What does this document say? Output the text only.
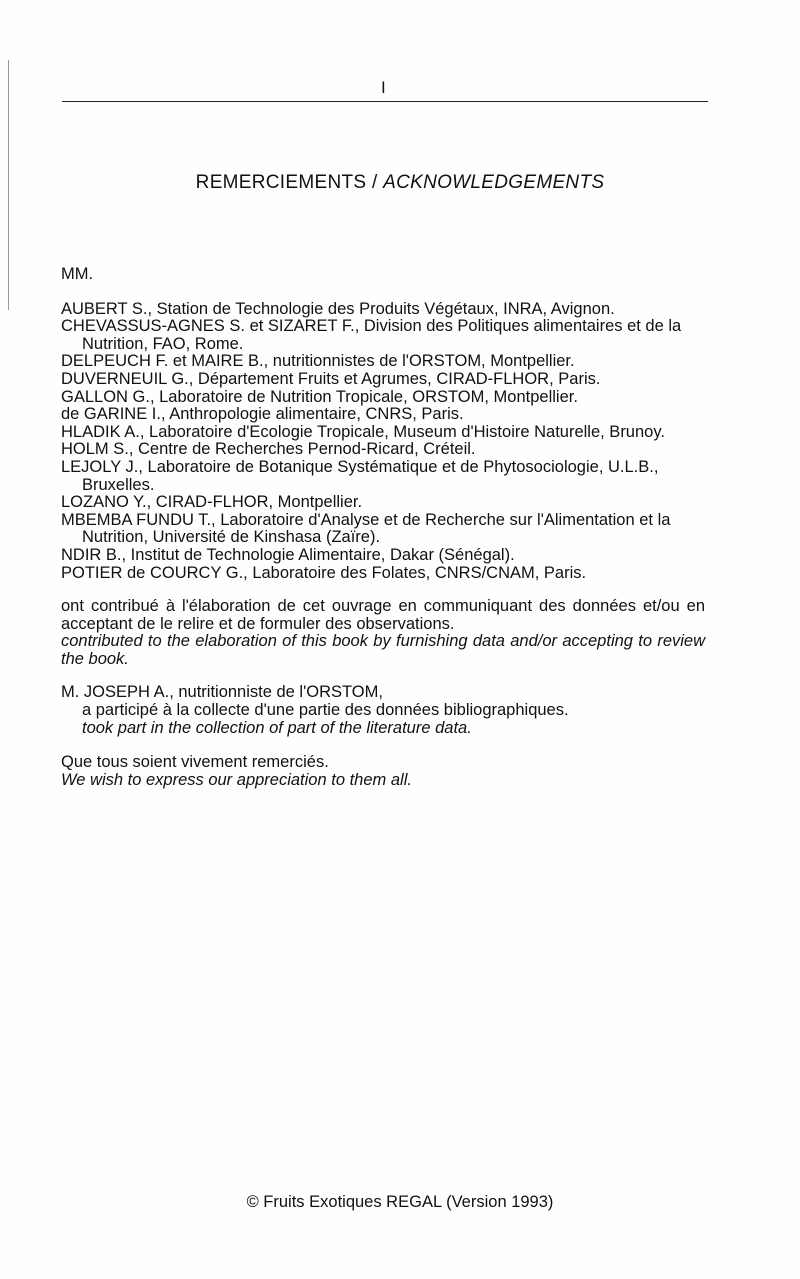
I
REMERCIEMENTS / ACKNOWLEDGEMENTS
MM.
AUBERT S., Station de Technologie des Produits Végétaux, INRA, Avignon.
CHEVASSUS-AGNES S. et SIZARET F., Division des Politiques alimentaires et de la Nutrition, FAO, Rome.
DELPEUCH F. et MAIRE B., nutritionnistes de l'ORSTOM, Montpellier.
DUVERNEUIL G., Département Fruits et Agrumes, CIRAD-FLHOR, Paris.
GALLON G., Laboratoire de Nutrition Tropicale, ORSTOM, Montpellier.
de GARINE I., Anthropologie alimentaire, CNRS, Paris.
HLADIK A., Laboratoire d'Ecologie Tropicale, Museum d'Histoire Naturelle, Brunoy.
HOLM S., Centre de Recherches Pernod-Ricard, Créteil.
LEJOLY J., Laboratoire de Botanique Systématique et de Phytosociologie, U.L.B., Bruxelles.
LOZANO Y., CIRAD-FLHOR, Montpellier.
MBEMBA FUNDU T., Laboratoire d'Analyse et de Recherche sur l'Alimentation et la Nutrition, Université de Kinshasa (Zaïre).
NDIR B., Institut de Technologie Alimentaire, Dakar (Sénégal).
POTIER de COURCY G., Laboratoire des Folates, CNRS/CNAM, Paris.
ont contribué à l'élaboration de cet ouvrage en communiquant des données et/ou en acceptant de le relire et de formuler des observations.
contributed to the elaboration of this book by furnishing data and/or accepting to review the book.
M. JOSEPH A., nutritionniste de l'ORSTOM,
a participé à la collecte d'une partie des données bibliographiques.
took part in the collection of part of the literature data.
Que tous soient vivement remerciés.
We wish to express our appreciation to them all.
© Fruits Exotiques REGAL (Version 1993)
